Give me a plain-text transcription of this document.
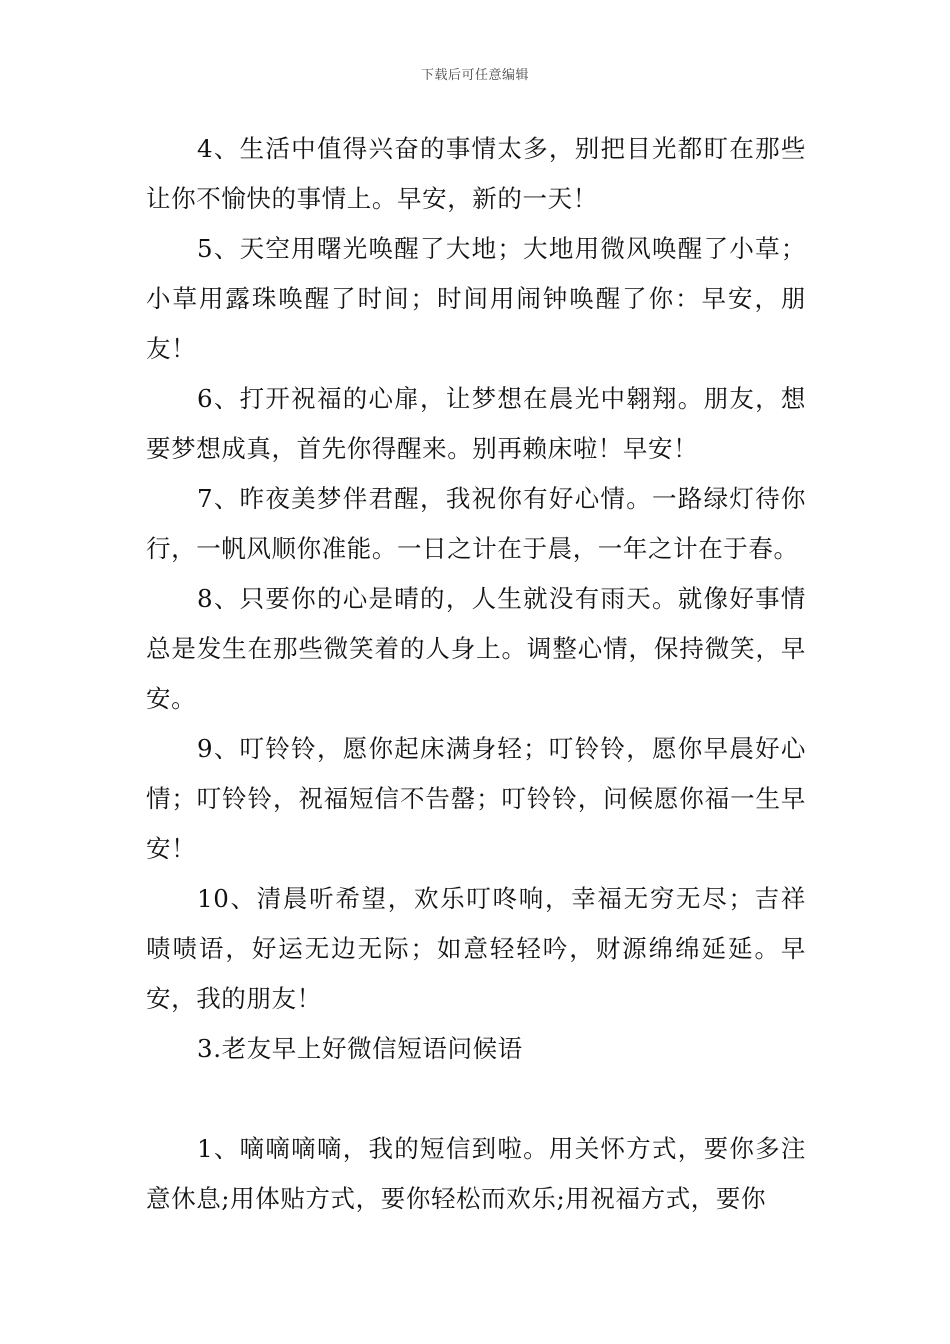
下载后可任意编辑

4、生活中值得兴奋的事情太多，别把目光都盯在那些让你不愉快的事情上。早安，新的一天！

5、天空用曙光唤醒了大地；大地用微风唤醒了小草；小草用露珠唤醒了时间；时间用闹钟唤醒了你：早安，朋友！

6、打开祝福的心扉，让梦想在晨光中翱翔。朋友，想要梦想成真，首先你得醒来。别再赖床啦！早安！

7、昨夜美梦伴君醒，我祝你有好心情。一路绿灯待你行，一帆风顺你准能。一日之计在于晨，一年之计在于春。

8、只要你的心是晴的，人生就没有雨天。就像好事情总是发生在那些微笑着的人身上。调整心情，保持微笑，早安。

9、叮铃铃，愿你起床满身轻；叮铃铃，愿你早晨好心情；叮铃铃，祝福短信不告罄；叮铃铃，问候愿你福一生早安！

10、清晨听希望，欢乐叮咚响，幸福无穷无尽；吉祥啧啧语，好运无边无际；如意轻轻吟，财源绵绵延延。早安，我的朋友！

3.老友早上好微信短语问候语

1、嘀嘀嘀嘀，我的短信到啦。用关怀方式，要你多注意休息;用体贴方式，要你轻松而欢乐;用祝福方式，要你
